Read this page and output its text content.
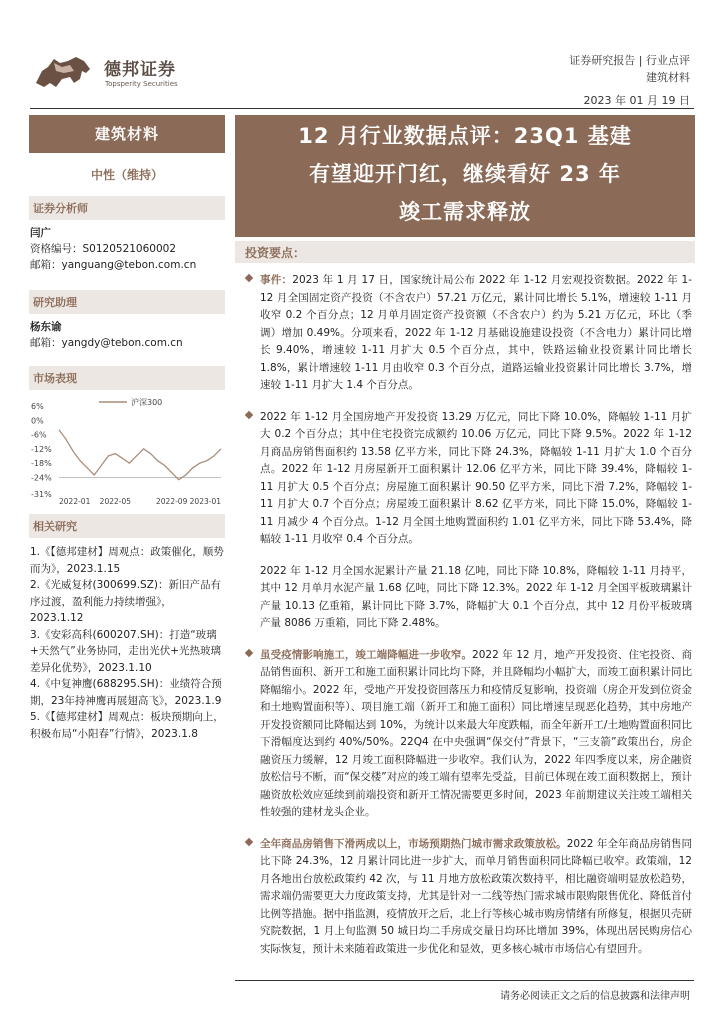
德邦证券
Topsperity Securities
证券研究报告 | 行业点评
建筑材料
2023 年 01 月 19 日
建筑材料
中性（维持）
证券分析师
闫广
资格编号：S0120521060002
邮箱：yanguang@tebon.com.cn
研究助理
杨东谕
邮箱：yangdy@tebon.com.cn
市场表现
6%
0%
-6%
-12%
-18%
-24%
-31%
2022-01 2022-05	2022-09 2023-01
沪深300
相关研究
1.《【德邦建材】周观点：政策催化，顺势而为》，2023.1.15
2.《光威复材(300699.SZ)：新旧产品有序过渡，盈利能力持续增强》，2023.1.12
3.《安彩高科(600207.SH)：打造“玻璃+天然气”业务协同，走出光伏+光热玻璃差异化优势》，2023.1.10
4.《中复神鹰(688295.SH)：业绩符合预期，23年持神鹰再展翅高飞》，2023.1.9
5.《【德邦建材】周观点：板块预期向上，积极布局“小阳春”行情》，2023.1.8
12 月行业数据点评：23Q1 基建
有望迎开门红，继续看好 23 年
竣工需求释放
投资要点：
事件：2023 年 1 月 17 日，国家统计局公布 2022 年 1-12 月宏观投资数据。2022 年 1-12 月全国固定资产投资（不含农户）57.21 万亿元，累计同比增长 5.1%，增速较 1-11 月收窄 0.2 个百分点；12 月单月固定资产投资额（不含农户）约为 5.21 万亿元，环比（季调）增加 0.49%。分项来看，2022 年 1-12 月基础设施建设投资（不含电力）累计同比增长 9.40%，增速较 1-11 月扩大 0.5 个百分点，其中，铁路运输业投资累计同比增长 1.8%，累计增速较 1-11 月由收窄 0.3 个百分点，道路运输业投资累计同比增长 3.7%，增速较 1-11 月扩大 1.4 个百分点。
2022 年 1-12 月全国房地产开发投资 13.29 万亿元，同比下降 10.0%，降幅较 1-11 月扩大 0.2 个百分点；其中住宅投资完成额约 10.06 万亿元，同比下降 9.5%。2022 年 1-12 月商品房销售面积约 13.58 亿平方米，同比下降 24.3%，降幅较 1-11 月扩大 1.0 个百分点。2022 年 1-12 月房屋新开工面积累计 12.06 亿平方米，同比下降 39.4%，降幅较 1-11 月扩大 0.5 个百分点；房屋施工面积累计 90.50 亿平方米，同比下滑 7.2%，降幅较 1-11 月扩大 0.7 个百分点；房屋竣工面积累计 8.62 亿平方米，同比下降 15.0%，降幅较 1-11 月减少 4 个百分点。1-12 月全国土地购置面积约 1.01 亿平方米，同比下降 53.4%，降幅较 1-11 月收窄 0.4 个百分点。
2022 年 1-12 月全国水泥累计产量 21.18 亿吨，同比下降 10.8%，降幅较 1-11 月持平，其中 12 月单月水泥产量 1.68 亿吨，同比下降 12.3%。2022 年 1-12 月全国平板玻璃累计产量 10.13 亿重箱，累计同比下降 3.7%，降幅扩大 0.1 个百分点，其中 12 月份平板玻璃产量 8086 万重箱，同比下降 2.48%。
虽受疫情影响施工，竣工端降幅进一步收窄。2022 年 12 月，地产开发投资、住宅投资、商品销售面积、新开工和施工面积累计同比均下降，并且降幅均小幅扩大，而竣工面积累计同比降幅缩小。2022 年，受地产开发投资回落压力和疫情反复影响，投资端（房企开发到位资金和土地购置面积等）、项目施工端（新开工和施工面积）同比增速呈现恶化趋势，其中房地产开发投资额同比降幅达到 10%，为统计以来最大年度跌幅，而全年新开工/土地购置面积同比下滑幅度达到约 40%/50%。22Q4 在中央强调“保交付”背景下，“三支箭”政策出台，房企融资压力缓解，12 月竣工面积降幅进一步收窄。我们认为，2022 年四季度以来，房企融资放松信号不断，而“保交楼”对应的竣工端有望率先受益，目前已体现在竣工面积数据上，预计融资放松效应延续到前端投资和新开工情况需要更多时间，2023 年前期建议关注竣工端相关性较强的建材龙头企业。
全年商品房销售下滑两成以上，市场预期热门城市需求政策放松。2022 年全年商品房销售同比下降 24.3%，12 月累计同比进一步扩大，而单月销售面积同比降幅已收窄。政策端，12 月各地出台放松政策约 42 次，与 11 月地方放松政策次数持平，相比融资端明显放松趋势，需求端仍需要更大力度政策支持，尤其是针对一二线等热门需求城市限购限售优化、降低首付比例等措施。据中指监测，疫情放开之后，北上行等核心城市购房情绪有所修复，根据贝壳研究院数据，1 月上旬监测 50 城日均二手房成交量日均环比增加 39%，体现出居民购房信心实际恢复，预计未来随着政策进一步优化和显效，更多核心城市市场信心有望回升。
请务必阅读正文之后的信息披露和法律声明
